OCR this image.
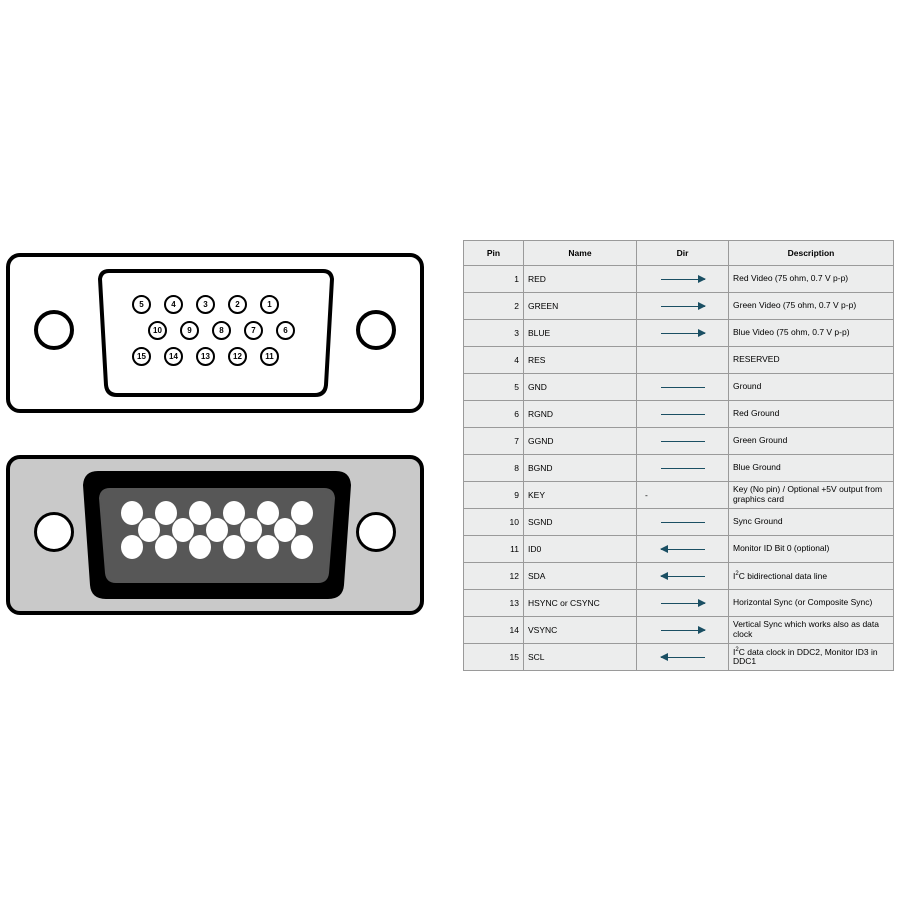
5	4	3	2	1
10	9	8	7	6
15	14	13	12	11
Pin	Name	Dir	Description
1	RED		Red Video (75 ohm, 0.7 V p-p)
2	GREEN		Green Video (75 ohm, 0.7 V p-p)
3	BLUE		Blue Video (75 ohm, 0.7 V p-p)
4	RES		RESERVED
5	GND		Ground
6	RGND		Red Ground
7	GGND		Green Ground
8	BGND		Blue Ground
9	KEY	-	Key (No pin) / Optional +5V output from graphics card
10	SGND		Sync Ground
11	ID0		Monitor ID Bit 0 (optional)
12	SDA		$I^2C$ bidirectional data line
13	HSYNC or CSYNC		Horizontal Sync (or Composite Sync)
14	VSYNC		Vertical Sync which works also as data clock
15	SCL		$I^2C$ data clock in DDC2, Monitor ID3 in DDC1
